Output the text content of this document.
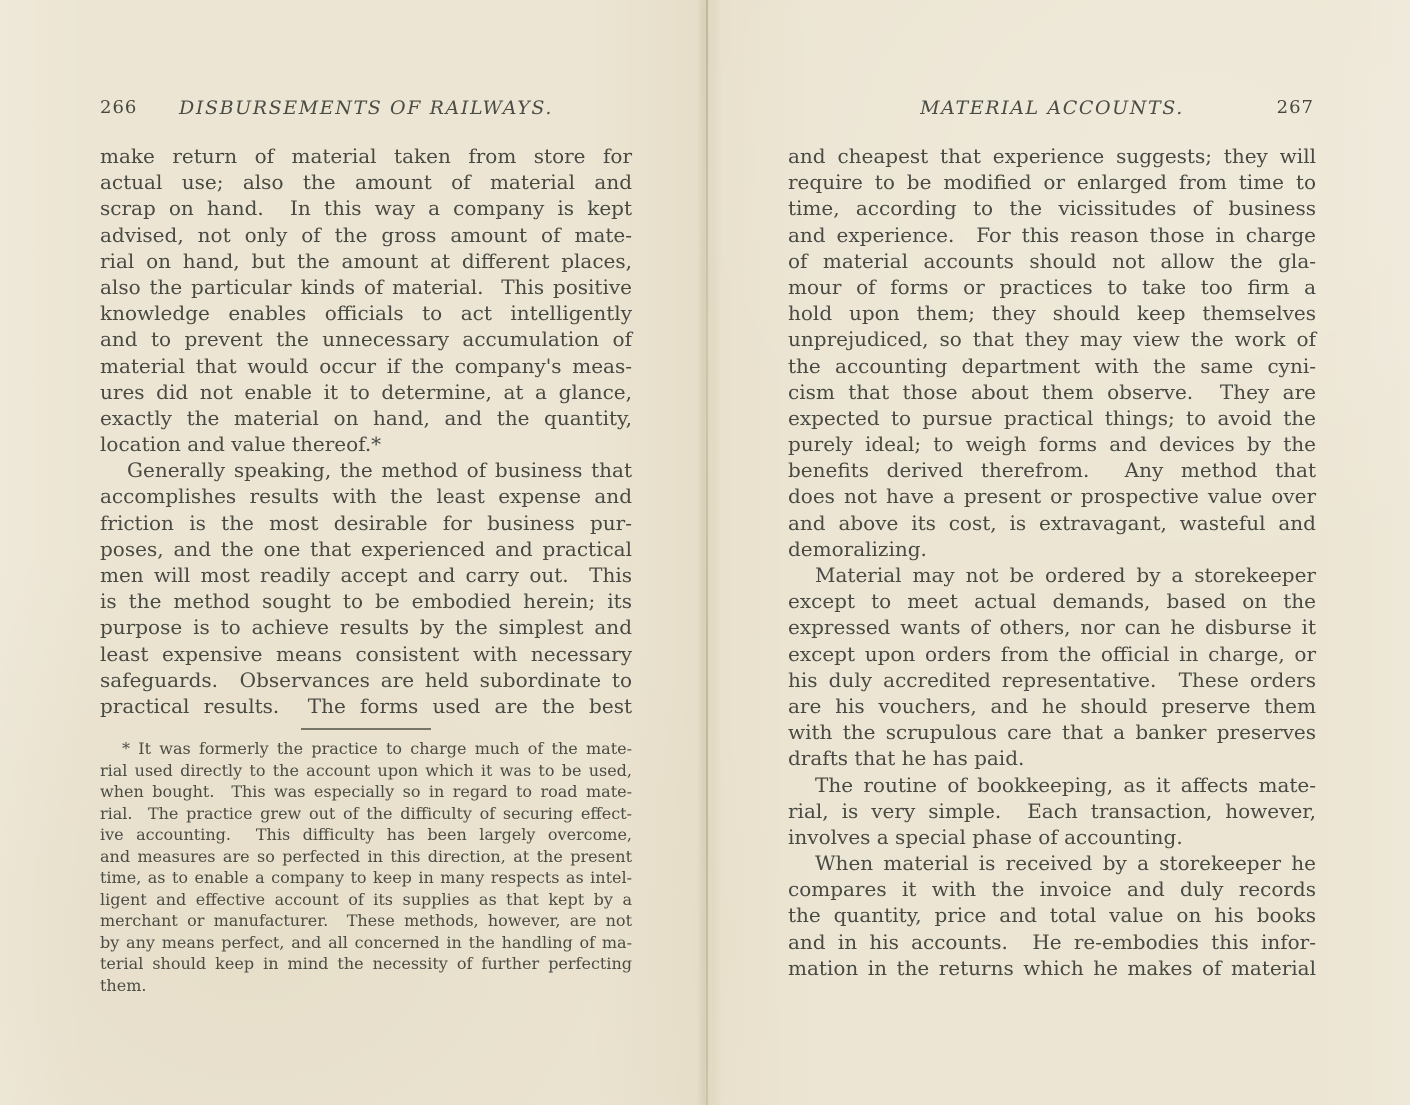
266	DISBURSEMENTS OF RAILWAYS.
make return of material taken from store for
actual use; also the amount of material and
scrap on hand.  In this way a company is kept
advised, not only of the gross amount of mate-
rial on hand, but the amount at different places,
also the particular kinds of material.  This positive
knowledge enables officials to act intelligently
and to prevent the unnecessary accumulation of
material that would occur if the company's meas-
ures did not enable it to determine, at a glance,
exactly the material on hand, and the quantity,
location and value thereof.*
Generally speaking, the method of business that
accomplishes results with the least expense and
friction is the most desirable for business pur-
poses, and the one that experienced and practical
men will most readily accept and carry out.  This
is the method sought to be embodied herein; its
purpose is to achieve results by the simplest and
least expensive means consistent with necessary
safeguards.  Observances are held subordinate to
practical results.  The forms used are the best
* It was formerly the practice to charge much of the mate-
rial used directly to the account upon which it was to be used,
when bought.  This was especially so in regard to road mate-
rial.  The practice grew out of the difficulty of securing effect-
ive accounting.  This difficulty has been largely overcome,
and measures are so perfected in this direction, at the present
time, as to enable a company to keep in many respects as intel-
ligent and effective account of its supplies as that kept by a
merchant or manufacturer.  These methods, however, are not
by any means perfect, and all concerned in the handling of ma-
terial should keep in mind the necessity of further perfecting
them.
MATERIAL ACCOUNTS.	267
and cheapest that experience suggests; they will
require to be modified or enlarged from time to
time, according to the vicissitudes of business
and experience.  For this reason those in charge
of material accounts should not allow the gla-
mour of forms or practices to take too firm a
hold upon them; they should keep themselves
unprejudiced, so that they may view the work of
the accounting department with the same cyni-
cism that those about them observe.  They are
expected to pursue practical things; to avoid the
purely ideal; to weigh forms and devices by the
benefits derived therefrom.  Any method that
does not have a present or prospective value over
and above its cost, is extravagant, wasteful and
demoralizing.
Material may not be ordered by a storekeeper
except to meet actual demands, based on the
expressed wants of others, nor can he disburse it
except upon orders from the official in charge, or
his duly accredited representative.  These orders
are his vouchers, and he should preserve them
with the scrupulous care that a banker preserves
drafts that he has paid.
The routine of bookkeeping, as it affects mate-
rial, is very simple.  Each transaction, however,
involves a special phase of accounting.
When material is received by a storekeeper he
compares it with the invoice and duly records
the quantity, price and total value on his books
and in his accounts.  He re-embodies this infor-
mation in the returns which he makes of material
